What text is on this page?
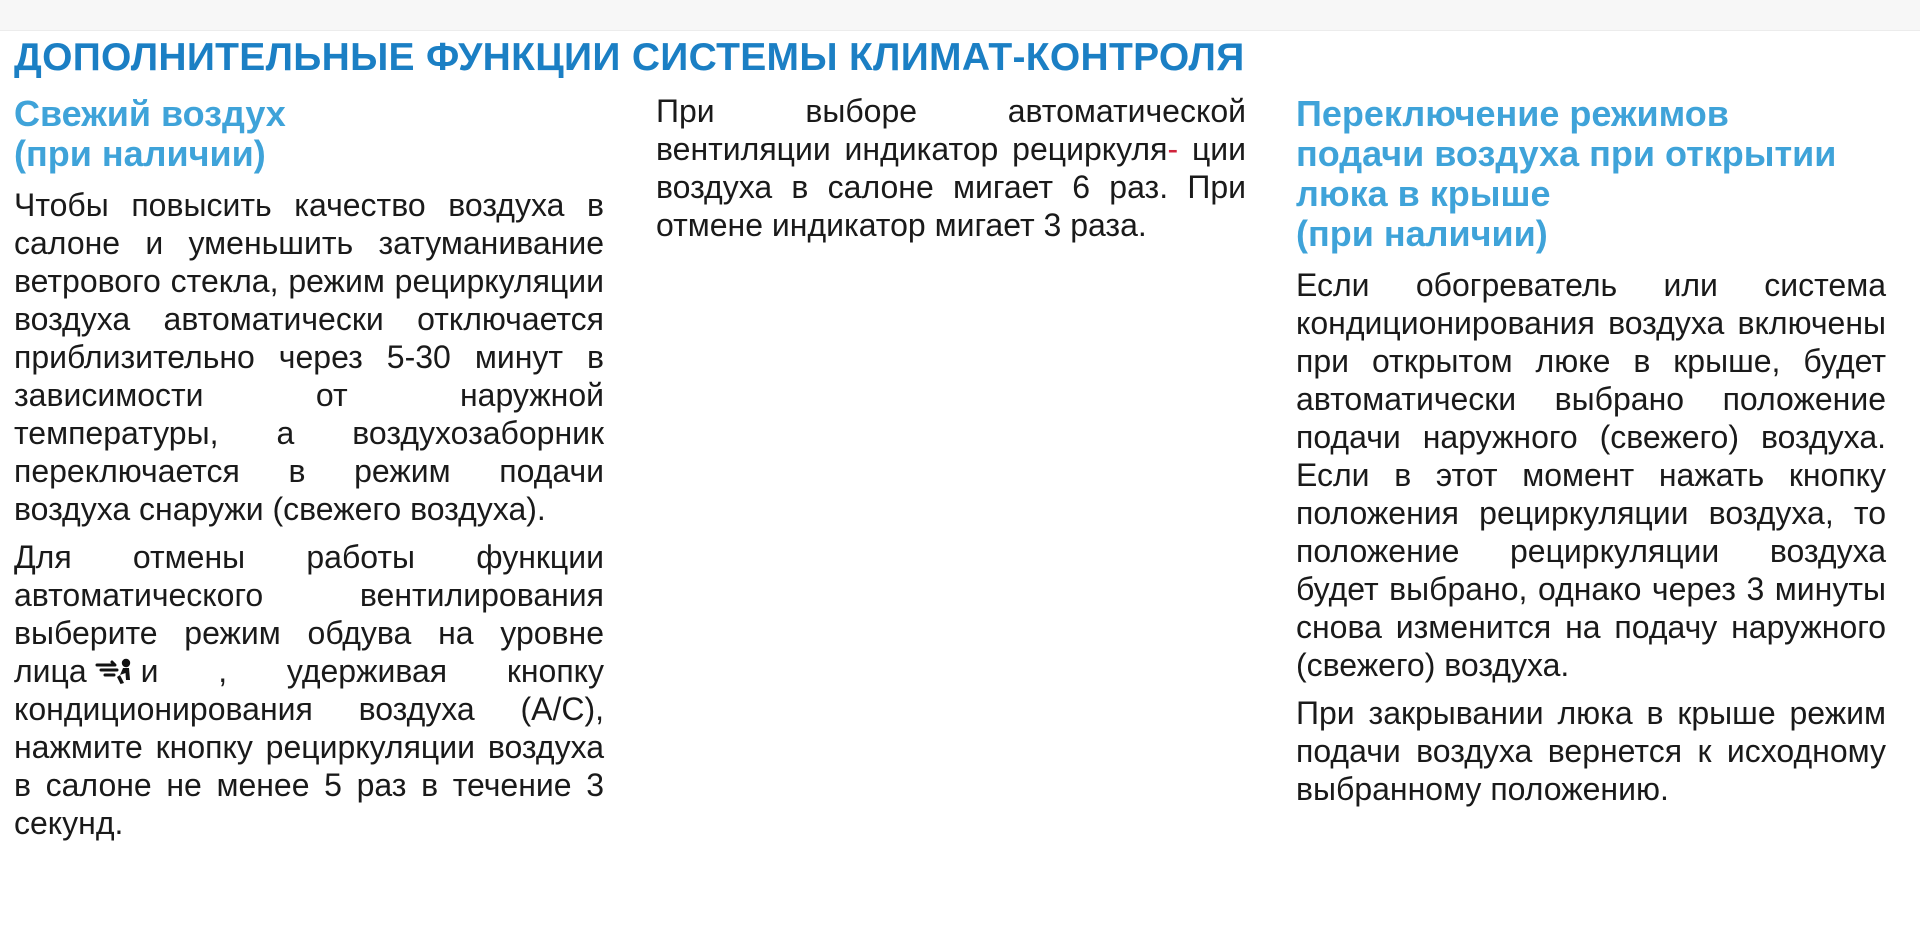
ДОПОЛНИТЕЛЬНЫЕ ФУНКЦИИ СИСТЕМЫ КЛИМАТ-КОНТРОЛЯ
Свежий воздух
(при наличии)

Чтобы повысить качество воздуха в салоне и уменьшить затуманивание ветрового стекла, режим рециркуляции воздуха автоматически отключается приблизительно через 5-30 минут в зависимости от наружной температуры, а воздухозаборник переключается в режим подачи воздуха снаружи (свежего воздуха).

Для отмены работы функции автоматического вентилирования выберите режим обдува на уровне лица и , удерживая кнопку кондиционирования воздуха (A/C), нажмите кнопку рециркуляции воздуха в салоне не менее 5 раз в течение 3 секунд.

При выборе автоматической вентиляции индикатор рециркуля- ции воздуха в салоне мигает 6 раз. При отмене индикатор мигает 3 раза.

Переключение режимов
подачи воздуха при открытии
люка в крыше
(при наличии)

Если обогреватель или система кондиционирования воздуха включены при открытом люке в крыше, будет автоматически выбрано положение подачи наружного (свежего) воздуха. Если в этот момент нажать кнопку положения рециркуляции воздуха, то положение рециркуляции воздуха будет выбрано, однако через 3 минуты снова изменится на подачу наружного (свежего) воздуха.

При закрывании люка в крыше режим подачи воздуха вернется к исходному выбранному положению.
